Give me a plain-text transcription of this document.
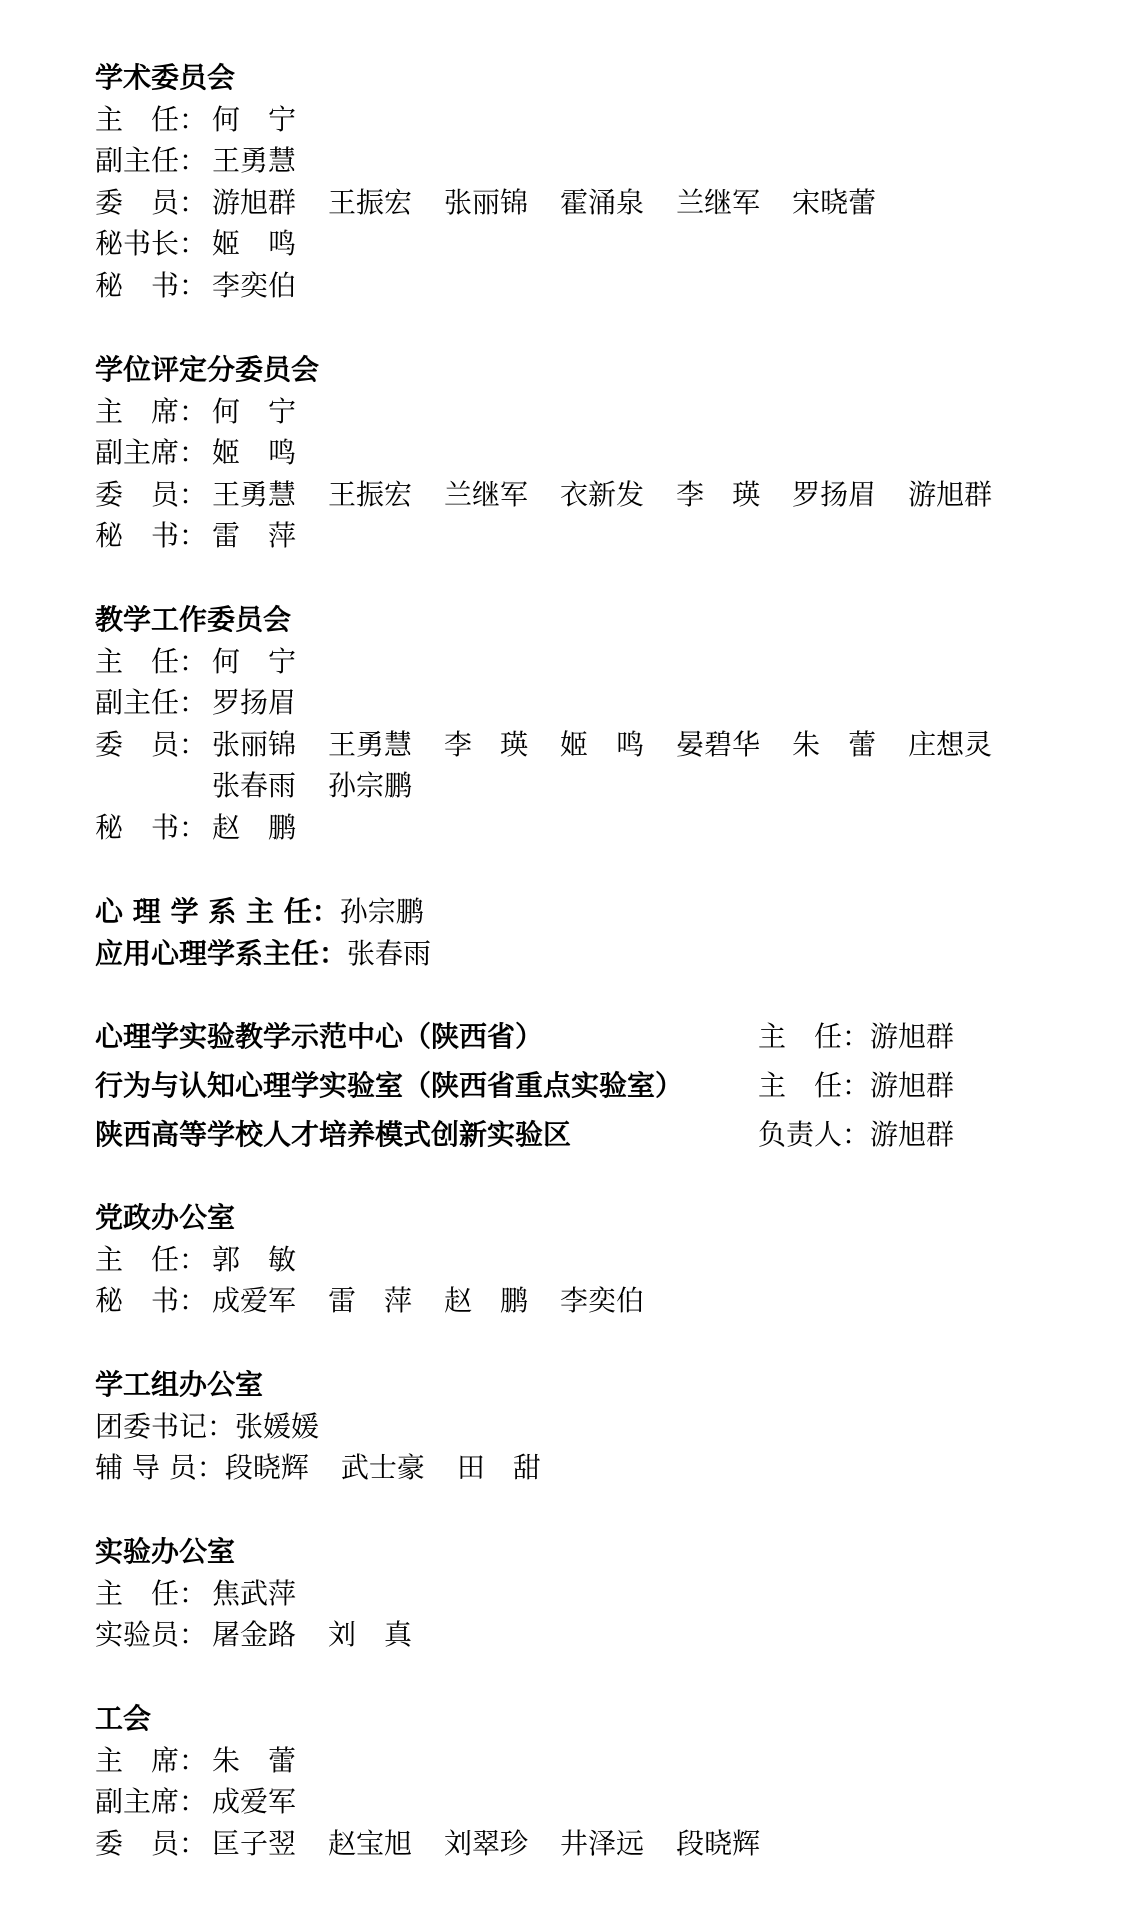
学术委员会
主　任： 何　宁
副主任： 王勇慧
委　员： 游旭群 王振宏 张丽锦 霍涌泉 兰继军 宋晓蕾
秘书长： 姬　鸣
秘　书： 李奕伯
学位评定分委员会
主　席： 何　宁
副主席： 姬　鸣
委　员： 王勇慧 王振宏 兰继军 衣新发 李　瑛 罗扬眉 游旭群
秘　书： 雷　萍
教学工作委员会
主　任： 何　宁
副主任： 罗扬眉
委　员： 张丽锦 王勇慧 李　瑛 姬　鸣 晏碧华 朱　蕾 庄想灵
张春雨 孙宗鹏
秘　书： 赵　鹏
心 理 学 系 主 任： 孙宗鹏
应用心理学系主任： 张春雨
心理学实验教学示范中心（陕西省）	主　任：游旭群
行为与认知心理学实验室（陕西省重点实验室）	主　任：游旭群
陕西高等学校人才培养模式创新实验区	负责人：游旭群
党政办公室
主　任： 郭　敏
秘　书： 成爱军 雷　萍 赵　鹏 李奕伯
学工组办公室
团委书记： 张媛媛
辅 导 员： 段晓辉 武士豪 田　甜
实验办公室
主　任： 焦武萍
实验员： 屠金路 刘　真
工会
主　席： 朱　蕾
副主席： 成爱军
委　员： 匡子翌 赵宝旭 刘翠珍 井泽远 段晓辉
